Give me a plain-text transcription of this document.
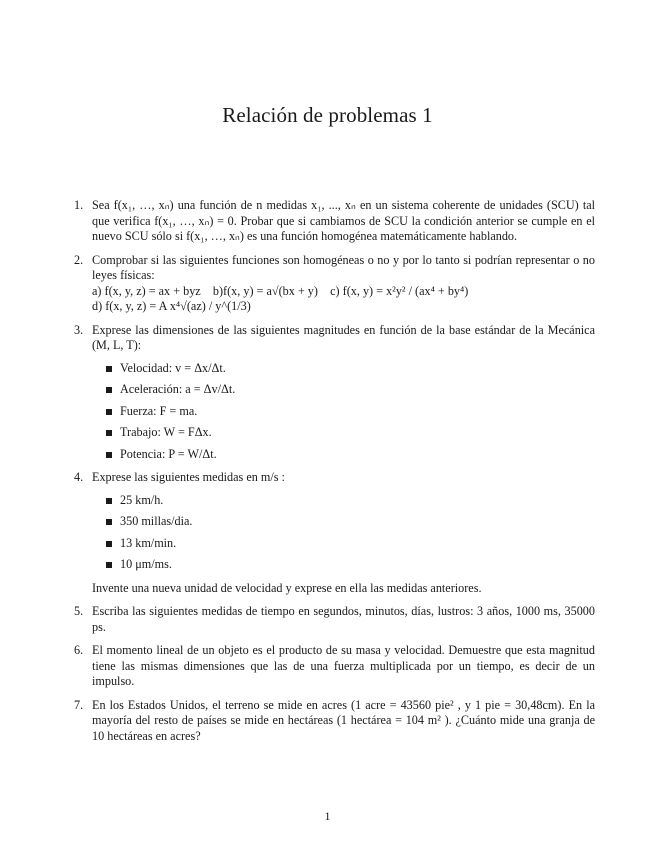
Relación de problemas 1
1. Sea f(x₁, …, xₙ) una función de n medidas x₁, ..., xₙ en un sistema coherente de unidades (SCU) tal que verifica f(x₁, …, xₙ) = 0. Probar que si cambiamos de SCU la condición anterior se cumple en el nuevo SCU sólo si f(x₁, …, xₙ) es una función homogénea matemáticamente hablando.
2. Comprobar si las siguientes funciones son homogéneas o no y por lo tanto si podrían representar o no leyes físicas:
a) f(x, y, z) = ax + byz b)f(x, y) = a√(bx + y) c) f(x, y) = x²y² / (ax⁴ + by⁴)
d) f(x, y, z) = A x⁴√(az) / y^(1/3)
3. Exprese las dimensiones de las siguientes magnitudes en función de la base estándar de la Mecánica (M, L, T):
Velocidad: v = Δx/Δt.
Aceleración: a = Δv/Δt.
Fuerza: F = ma.
Trabajo: W = FΔx.
Potencia: P = W/Δt.
4. Exprese las siguientes medidas en m/s :
25 km/h.
350 millas/dia.
13 km/min.
10 μm/ms.
Invente una nueva unidad de velocidad y exprese en ella las medidas anteriores.
5. Escriba las siguientes medidas de tiempo en segundos, minutos, días, lustros: 3 años, 1000 ms, 35000 ps.
6. El momento lineal de un objeto es el producto de su masa y velocidad. Demuestre que esta magnitud tiene las mismas dimensiones que las de una fuerza multiplicada por un tiempo, es decir de un impulso.
7. En los Estados Unidos, el terreno se mide en acres (1 acre = 43560 pie² , y 1 pie = 30,48cm). En la mayoría del resto de países se mide en hectáreas (1 hectárea = 104 m² ). ¿Cuánto mide una granja de 10 hectáreas en acres?
1
